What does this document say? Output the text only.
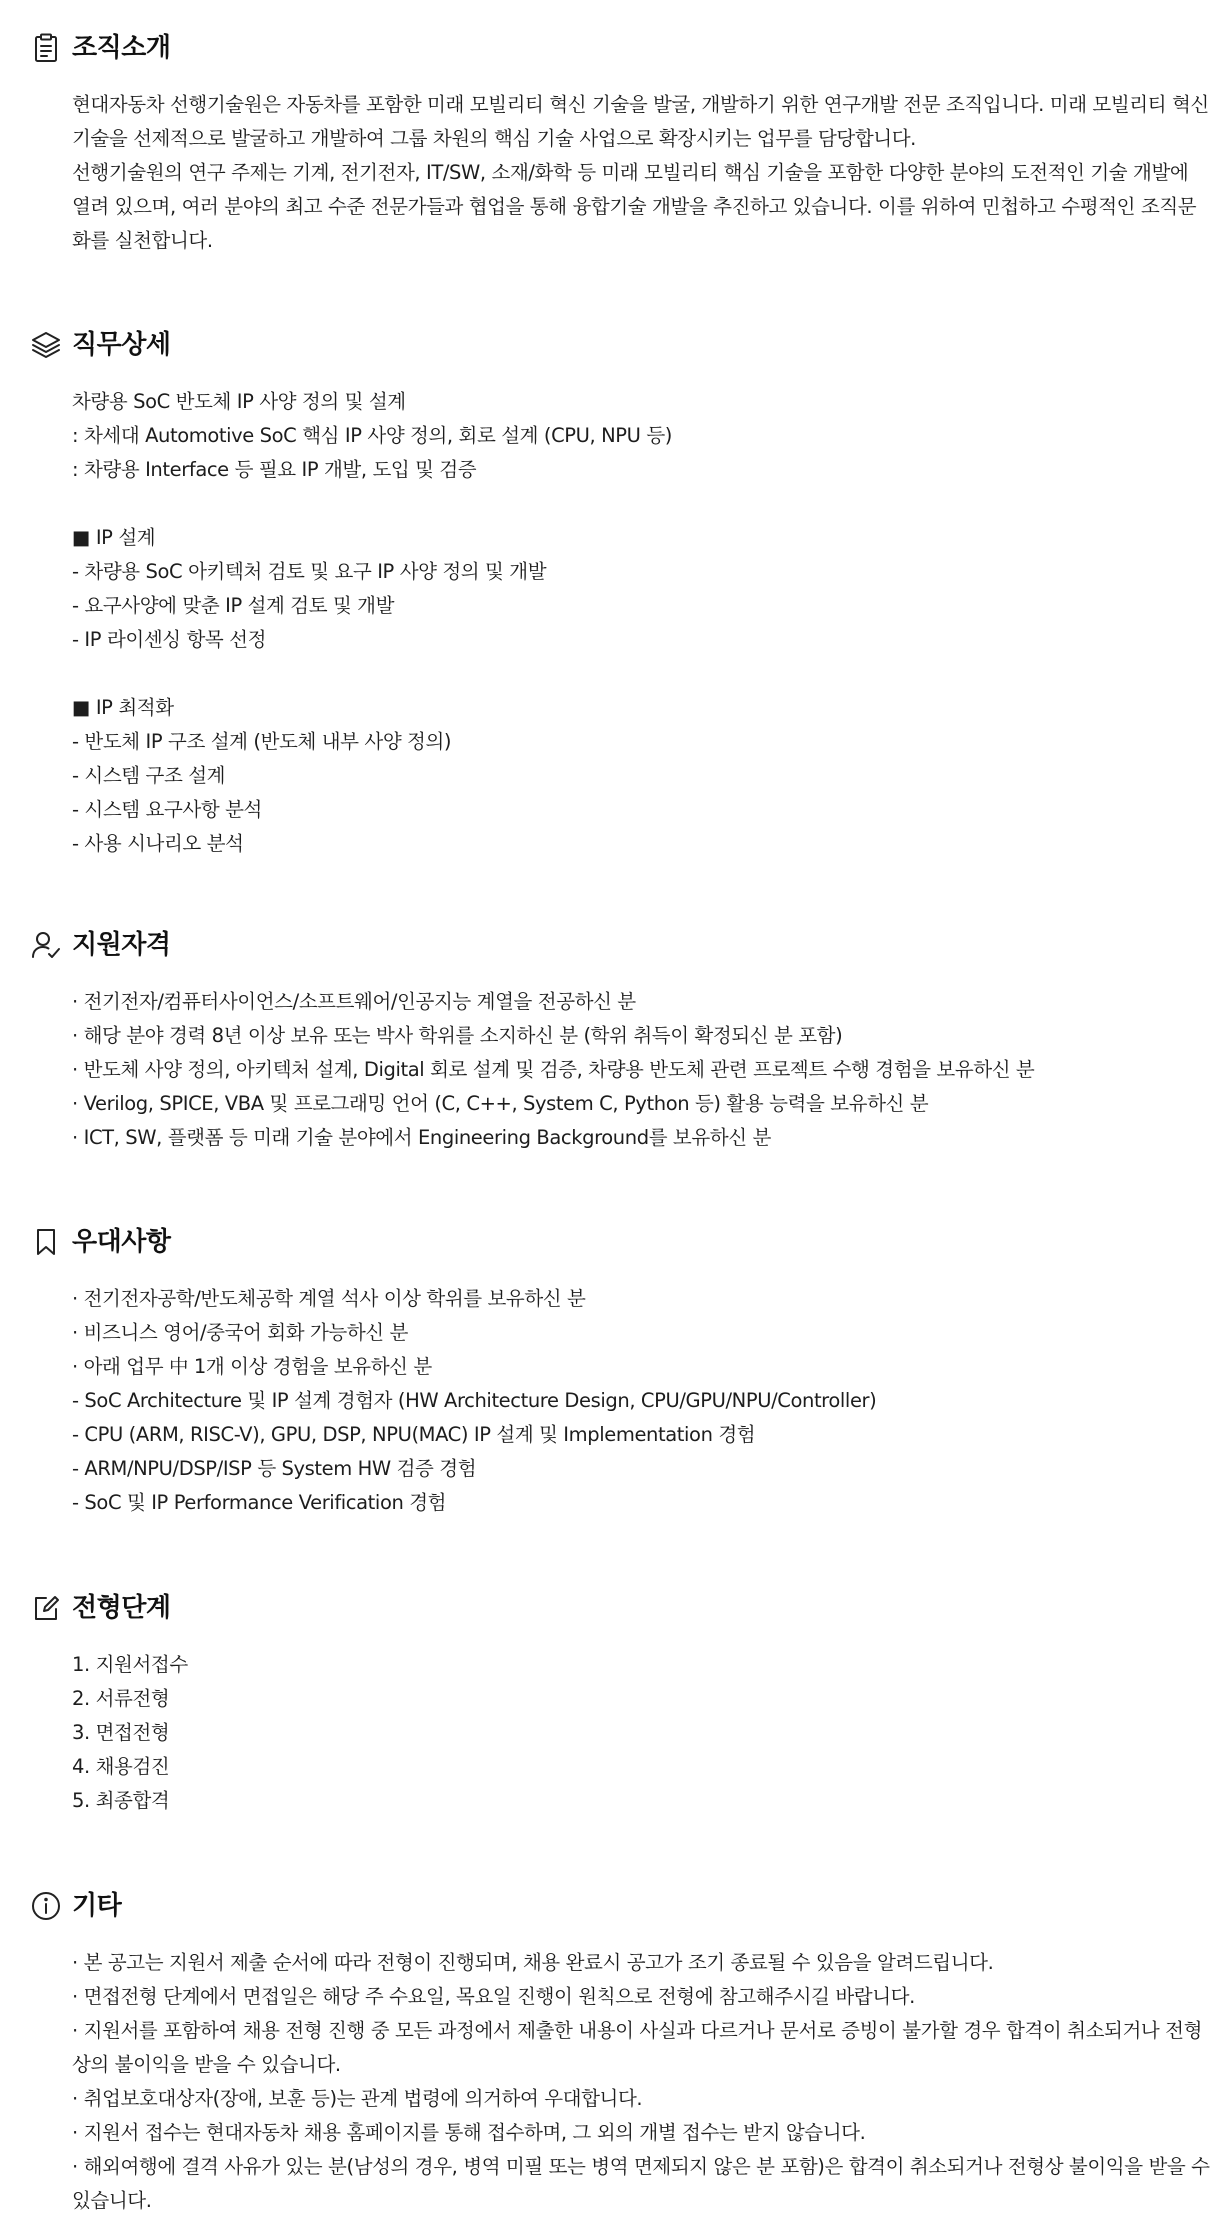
조직소개
현대자동차 선행기술원은 자동차를 포함한 미래 모빌리티 혁신 기술을 발굴, 개발하기 위한 연구개발 전문 조직입니다. 미래 모빌리티 혁신 기술을 선제적으로 발굴하고 개발하여 그룹 차원의 핵심 기술 사업으로 확장시키는 업무를 담당합니다.
선행기술원의 연구 주제는 기계, 전기전자, IT/SW, 소재/화학 등 미래 모빌리티 핵심 기술을 포함한 다양한 분야의 도전적인 기술 개발에 열려 있으며, 여러 분야의 최고 수준 전문가들과 협업을 통해 융합기술 개발을 추진하고 있습니다. 이를 위하여 민첩하고 수평적인 조직문화를 실천합니다.
직무상세
차량용 SoC 반도체 IP 사양 정의 및 설계
: 차세대 Automotive SoC 핵심 IP 사양 정의, 회로 설계 (CPU, NPU 등)
: 차량용 Interface 등 필요 IP 개발, 도입 및 검증
■ IP 설계
- 차량용 SoC 아키텍처 검토 및 요구 IP 사양 정의 및 개발
- 요구사양에 맞춘 IP 설계 검토 및 개발
- IP 라이센싱 항목 선정
■ IP 최적화
- 반도체 IP 구조 설계 (반도체 내부 사양 정의)
- 시스템 구조 설계
- 시스템 요구사항 분석
- 사용 시나리오 분석
지원자격
· 전기전자/컴퓨터사이언스/소프트웨어/인공지능 계열을 전공하신 분
· 해당 분야 경력 8년 이상 보유 또는 박사 학위를 소지하신 분 (학위 취득이 확정되신 분 포함)
· 반도체 사양 정의, 아키텍처 설계, Digital 회로 설계 및 검증, 차량용 반도체 관련 프로젝트 수행 경험을 보유하신 분
· Verilog, SPICE, VBA 및 프로그래밍 언어 (C, C++, System C, Python 등) 활용 능력을 보유하신 분
· ICT, SW, 플랫폼 등 미래 기술 분야에서 Engineering Background를 보유하신 분
우대사항
· 전기전자공학/반도체공학 계열 석사 이상 학위를 보유하신 분
· 비즈니스 영어/중국어 회화 가능하신 분
· 아래 업무 中 1개 이상 경험을 보유하신 분
- SoC Architecture 및 IP 설계 경험자 (HW Architecture Design, CPU/GPU/NPU/Controller)
- CPU (ARM, RISC-V), GPU, DSP, NPU(MAC) IP 설계 및 Implementation 경험
- ARM/NPU/DSP/ISP 등 System HW 검증 경험
- SoC 및 IP Performance Verification 경험
전형단계
1. 지원서접수
2. 서류전형
3. 면접전형
4. 채용검진
5. 최종합격
기타
· 본 공고는 지원서 제출 순서에 따라 전형이 진행되며, 채용 완료시 공고가 조기 종료될 수 있음을 알려드립니다.
· 면접전형 단계에서 면접일은 해당 주 수요일, 목요일 진행이 원칙으로 전형에 참고해주시길 바랍니다.
· 지원서를 포함하여 채용 전형 진행 중 모든 과정에서 제출한 내용이 사실과 다르거나 문서로 증빙이 불가할 경우 합격이 취소되거나 전형상의 불이익을 받을 수 있습니다.
· 취업보호대상자(장애, 보훈 등)는 관계 법령에 의거하여 우대합니다.
· 지원서 접수는 현대자동차 채용 홈페이지를 통해 접수하며, 그 외의 개별 접수는 받지 않습니다.
· 해외여행에 결격 사유가 있는 분(남성의 경우, 병역 미필 또는 병역 면제되지 않은 분 포함)은 합격이 취소되거나 전형상 불이익을 받을 수 있습니다.
